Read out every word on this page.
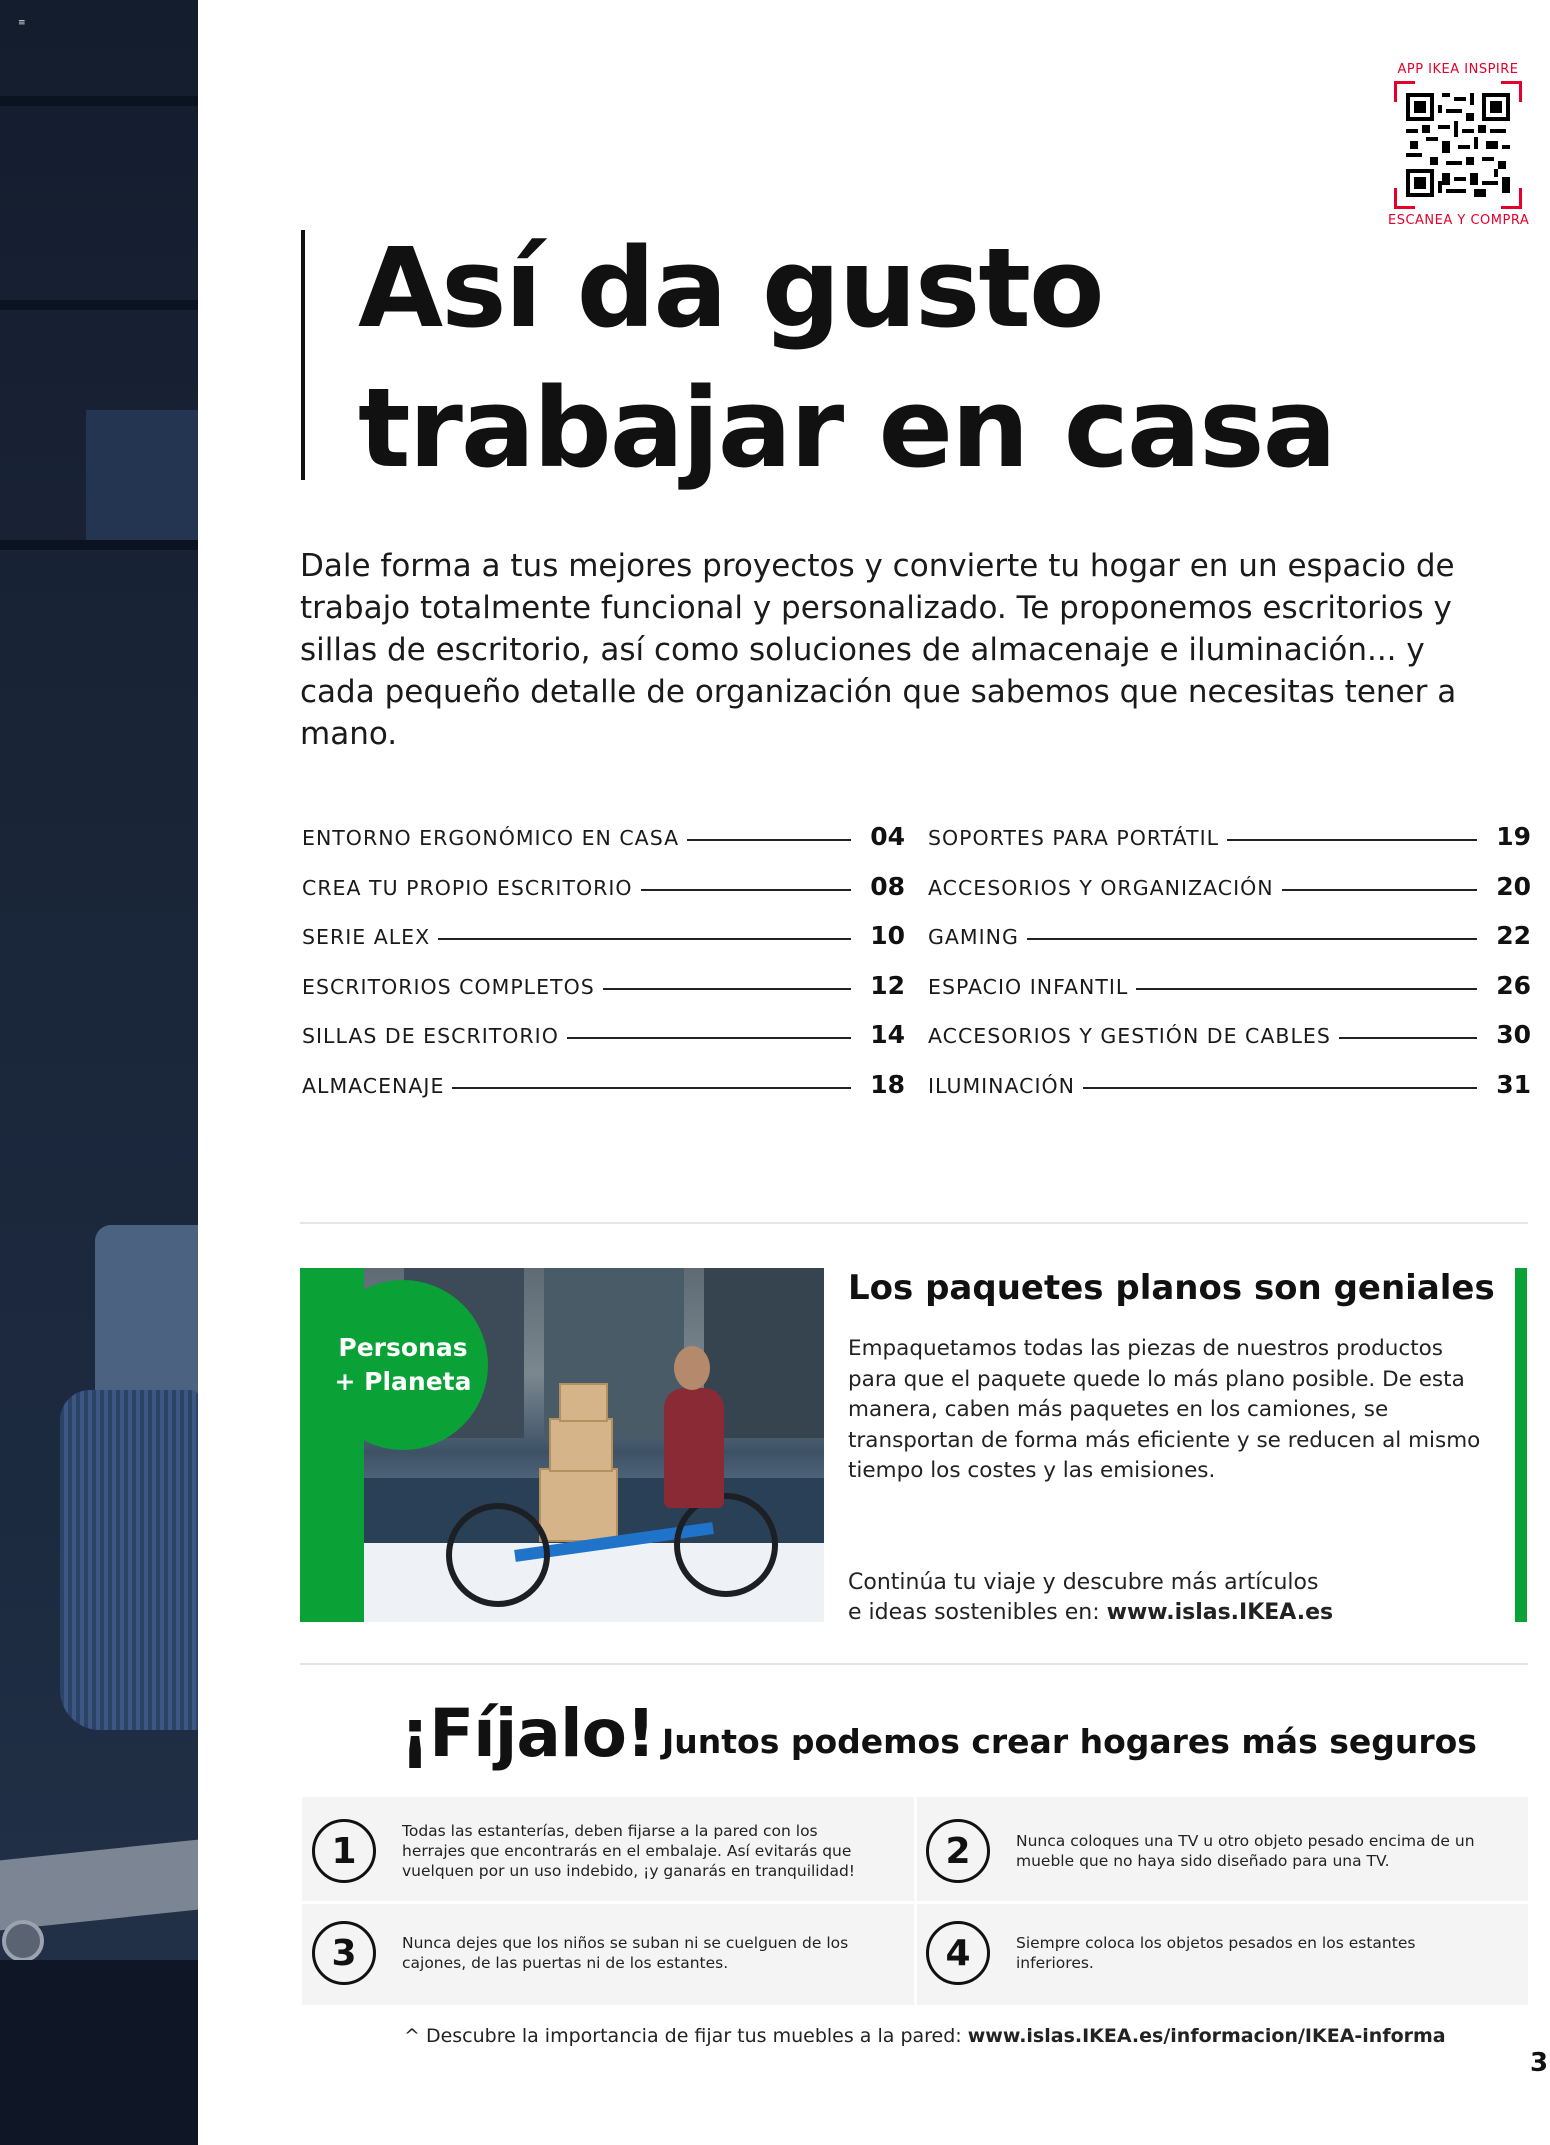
≡
APP IKEA INSPIRE
ESCANEA Y COMPRA
Así da gusto
trabajar en casa

Dale forma a tus mejores proyectos y convierte tu hogar en un espacio de trabajo totalmente funcional y personalizado. Te proponemos escritorios y sillas de escritorio, así como soluciones de almacenaje e iluminación... y cada pequeño detalle de organización que sabemos que necesitas tener a mano.

ENTORNO ERGONÓMICO EN CASA	04
CREA TU PROPIO ESCRITORIO	08
SERIE ALEX	10
ESCRITORIOS COMPLETOS	12
SILLAS DE ESCRITORIO	14
ALMACENAJE	18
SOPORTES PARA PORTÁTIL	19
ACCESORIOS Y ORGANIZACIÓN	20
GAMING	22
ESPACIO INFANTIL	26
ACCESORIOS Y GESTIÓN DE CABLES	30
ILUMINACIÓN	31
Personas
+ Planeta
Los paquetes planos son geniales

Empaquetamos todas las piezas de nuestros productos para que el paquete quede lo más plano posible. De esta manera, caben más paquetes en los camiones, se transportan de forma más eficiente y se reducen al mismo tiempo los costes y las emisiones.

Continúa tu viaje y descubre más artículos
e ideas sostenibles en: www.islas.IKEA.es

¡Fíjalo! Juntos podemos crear hogares más seguros
1	Todas las estanterías, deben fijarse a la pared con los herrajes que encontrarás en el embalaje. Así evitarás que vuelquen por un uso indebido, ¡y ganarás en tranquilidad!	2	Nunca coloques una TV u otro objeto pesado encima de un mueble que no haya sido diseñado para una TV.
3	Nunca dejes que los niños se suban ni se cuelguen de los cajones, de las puertas ni de los estantes.	4	Siempre coloca los objetos pesados en los estantes inferiores.
^ Descubre la importancia de fijar tus muebles a la pared: www.islas.IKEA.es/informacion/IKEA-informa
3
